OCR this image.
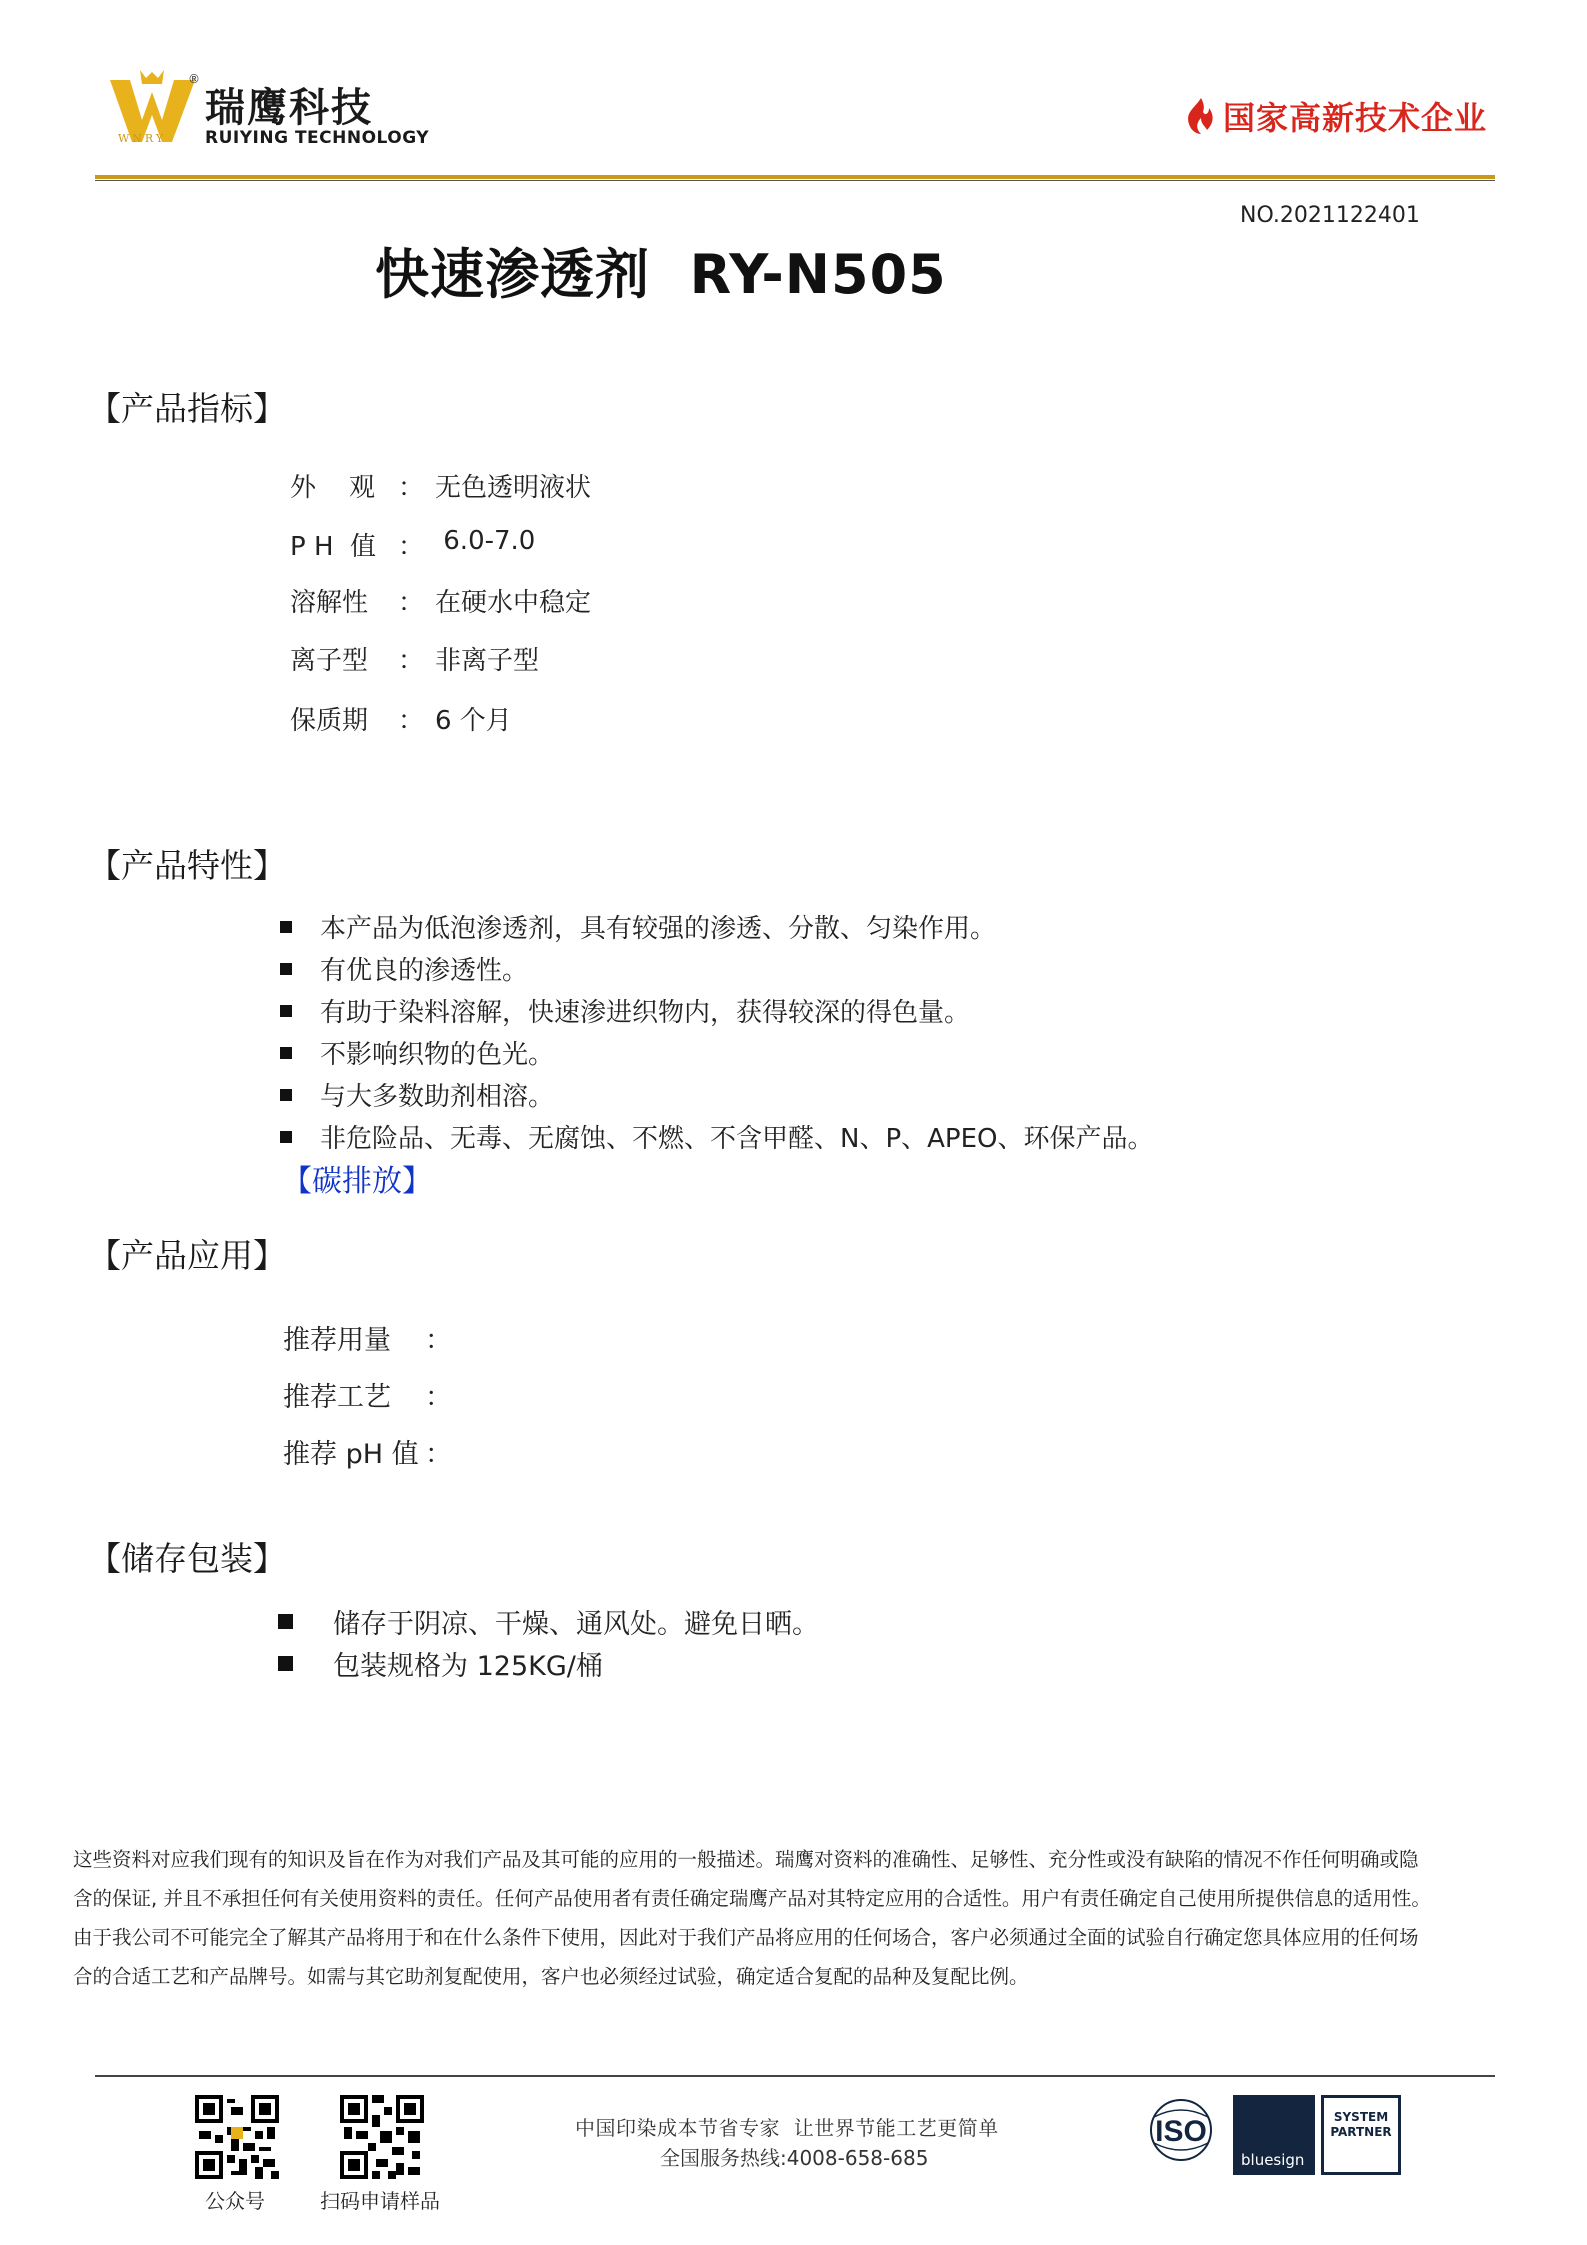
®
瑞鹰科技
RUIYING TECHNOLOGY
WNRY
国家高新技术企业
NO.2021122401
快速渗透剂  RY-N505
【产品指标】
外    观 ： 无色透明液状
P H  值 ： 6.0-7.0
溶解性 ： 在硬水中稳定
离子型 ： 非离子型
保质期 ： 6 个月
【产品特性】
本产品为低泡渗透剂，具有较强的渗透、分散、匀染作用。
有优良的渗透性。
有助于染料溶解，快速渗进织物内，获得较深的得色量。
不影响织物的色光。
与大多数助剂相溶。
非危险品、无毒、无腐蚀、不燃、不含甲醛、N、P、APEO、环保产品。
【碳排放】
【产品应用】
推荐用量 ：
推荐工艺 ：
推荐 pH 值 ：
【储存包装】
储存于阴凉、干燥、通风处。避免日晒。
包装规格为 125KG/桶

这些资料对应我们现有的知识及旨在作为对我们产品及其可能的应用的一般描述。瑞鹰对资料的准确性、足够性、充分性或没有缺陷的情况不作任何明确或隐

含的保证, 并且不承担任何有关使用资料的责任。任何产品使用者有责任确定瑞鹰产品对其特定应用的合适性。用户有责任确定自己使用所提供信息的适用性。

由于我公司不可能完全了解其产品将用于和在什么条件下使用，因此对于我们产品将应用的任何场合，客户必须通过全面的试验自行确定您具体应用的任何场

合的合适工艺和产品牌号。如需与其它助剂复配使用，客户也必须经过试验，确定适合复配的品种及复配比例。

公众号	扫码申请样品
中国印染成本节省专家  让世界节能工艺更简单
全国服务热线:4008-658-685
ISO
bluesign
SYSTEM
PARTNER
